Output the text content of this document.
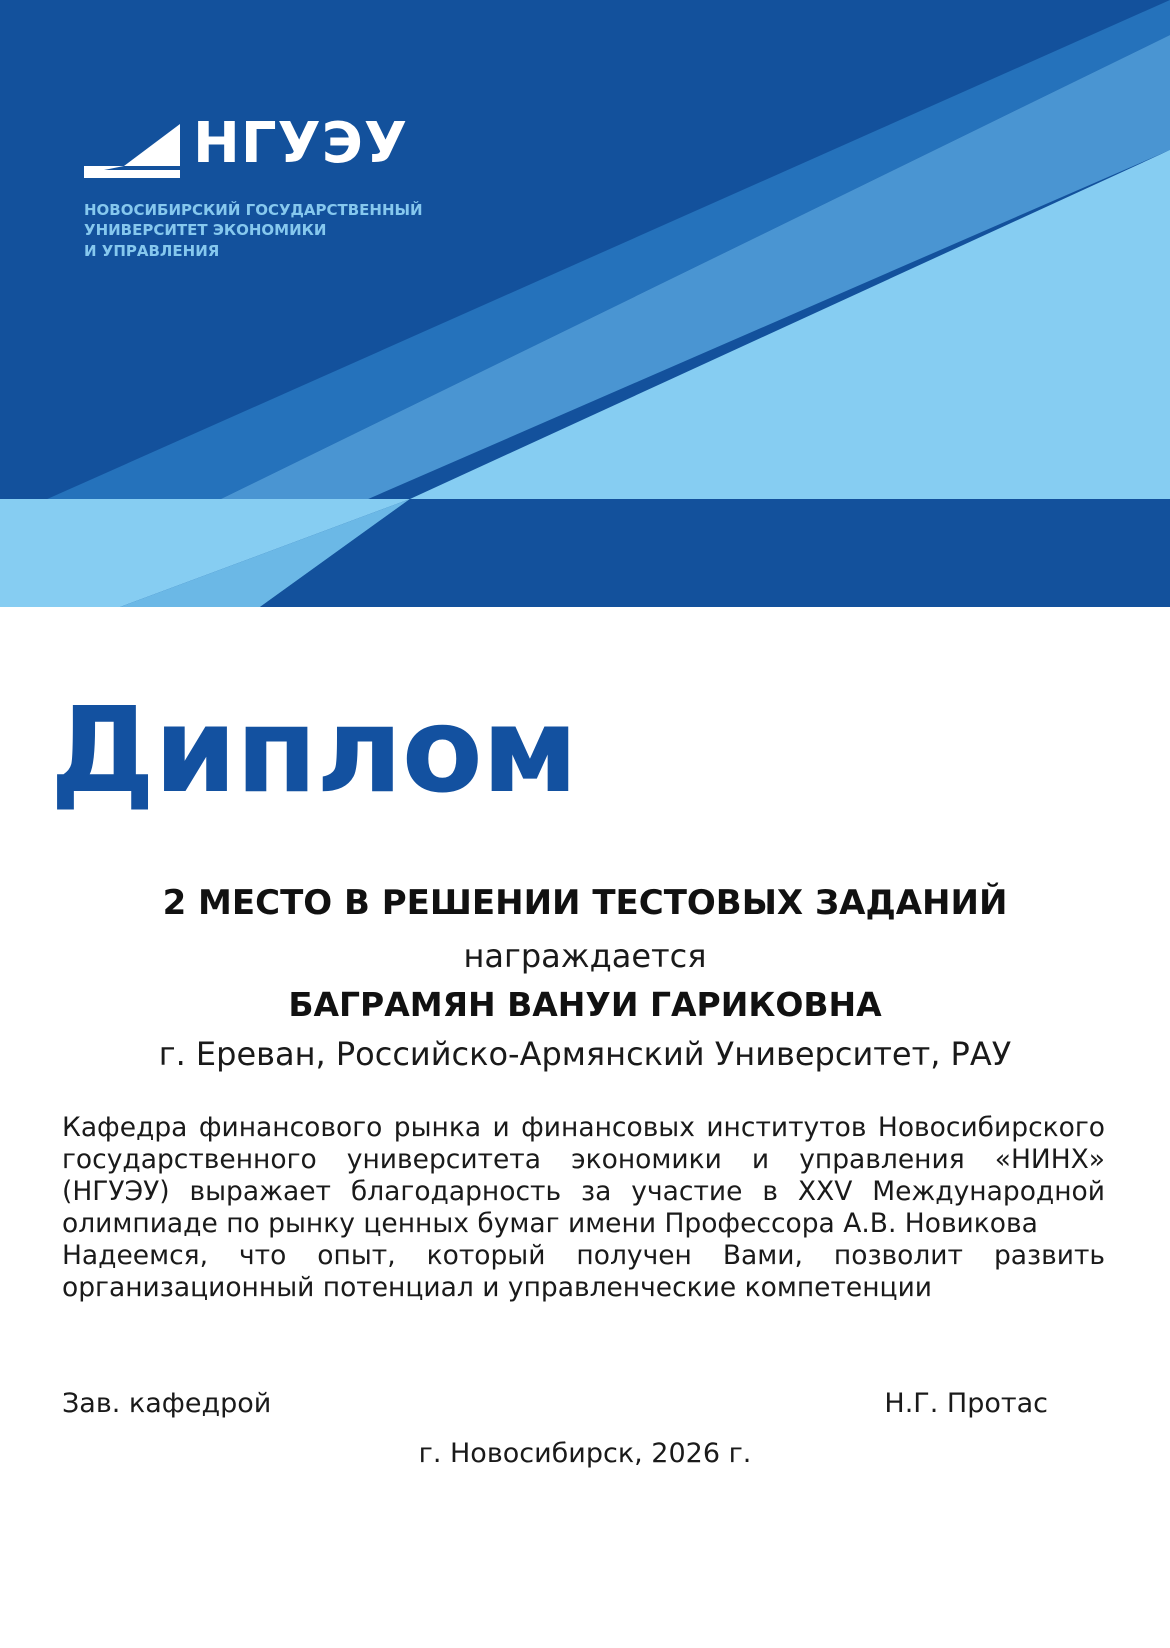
НГУЭУ
НОВОСИБИРСКИЙ ГОСУДАРСТВЕННЫЙ
УНИВЕРСИТЕТ ЭКОНОМИКИ
И УПРАВЛЕНИЯ
Диплом
2 МЕСТО В РЕШЕНИИ ТЕСТОВЫХ ЗАДАНИЙ
награждается
БАГРАМЯН ВАНУИ ГАРИКОВНА
г. Ереван, Российско-Армянский Университет, РАУ
Кафедра финансового рынка и финансовых институтов Новосибирского
государственного университета экономики и управления «НИНХ»
(НГУЭУ) выражает благодарность за участие в XXV Международной
олимпиаде по рынку ценных бумаг имени Профессора А.В. Новикова
Надеемся, что опыт, который получен Вами, позволит развить
организационный потенциал и управленческие компетенции
Зав. кафедрой	Н.Г. Протас
г. Новосибирск, 2026 г.
